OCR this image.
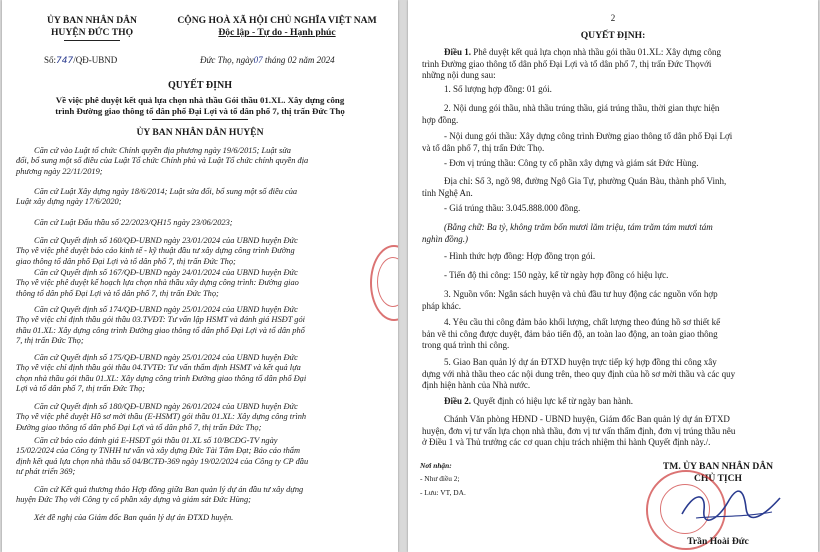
ỦY BAN NHÂN DÂN
HUYỆN ĐỨC THỌ
CỘNG HOÀ XÃ HỘI CHỦ NGHĨA VIỆT NAM
Độc lập - Tự do - Hạnh phúc
Số:747/QĐ-UBND	Đức Thọ, ngày07 tháng 02 năm 2024
QUYẾT ĐỊNH
Về việc phê duyệt kết quả lựa chọn nhà thầu Gói thầu 01.XL. Xây dựng công
trình Đường giao thông tổ dân phố Đại Lợi và tổ dân phố 7, thị trấn Đức Thọ
ỦY BAN NHÂN DÂN HUYỆN
Căn cứ vào Luật tổ chức Chính quyền địa phương ngày 19/6/2015; Luật sửa
đổi, bổ sung một số điều của Luật Tổ chức Chính phủ và Luật Tổ chức chính quyền địa
phương ngày 22/11/2019;
Căn cứ Luật Xây dựng ngày 18/6/2014; Luật sửa đổi, bổ sung một số điều của
Luật xây dựng ngày 17/6/2020;
Căn cứ Luật Đấu thầu số 22/2023/QH15 ngày 23/06/2023;
Căn cứ Quyết định số 160/QĐ-UBND ngày 23/01/2024 của UBND huyện Đức
Thọ về việc phê duyệt báo cáo kinh tế - kỹ thuật đầu tư xây dựng công trình Đường
giao thông tổ dân phố Đại Lợi và tổ dân phố 7, thị trấn Đức Thọ;
Căn cứ Quyết định số 167/QĐ-UBND ngày 24/01/2024 của UBND huyện Đức
Thọ về việc phê duyệt kế hoạch lựa chọn nhà thầu xây dựng công trình: Đường giao
thông tổ dân phố Đại Lợi và tổ dân phố 7, thị trấn Đức Thọ;
Căn cứ Quyết định số 174/QĐ-UBND ngày 25/01/2024 của UBND huyện Đức
Thọ về việc chỉ định thầu gói thầu 03.TVĐT: Tư vấn lập HSMT và đánh giá HSĐT gói
thầu 01.XL: Xây dựng công trình Đường giao thông tổ dân phố Đại Lợi và tổ dân phố
7, thị trấn Đức Thọ;
Căn cứ Quyết định số 175/QĐ-UBND ngày 25/01/2024 của UBND huyện Đức
Thọ về việc chỉ định thầu gói thầu 04.TVTĐ: Tư vấn thẩm định HSMT và kết quả lựa
chọn nhà thầu gói thầu 01.XL: Xây dựng công trình Đường giao thông tổ dân phố Đại
Lợi và tổ dân phố 7, thị trấn Đức Thọ;
Căn cứ Quyết định số 180/QĐ-UBND ngày 26/01/2024 của UBND huyện Đức
Thọ về việc phê duyệt Hồ sơ mời thầu (E-HSMT) gói thầu 01.XL: Xây dựng công trình
Đường giao thông tổ dân phố Đại Lợi và tổ dân phố 7, thị trấn Đức Thọ;
Căn cứ báo cáo đánh giá E-HSĐT gói thầu 01.XL số 10/BCĐG-TV ngày
15/02/2024 của Công ty TNHH tư vấn và xây dựng Đức Tài Tâm Đạt; Báo cáo thẩm
định kết quả lựa chọn nhà thầu số 04/BCTĐ-369 ngày 19/02/2024 của Công ty CP đầu
tư phát triển 369;
Căn cứ Kết quả thương thảo Hợp đồng giữa Ban quản lý dự án đầu tư xây dựng
huyện Đức Thọ với Công ty cổ phần xây dựng và giám sát Đức Hùng;
Xét đề nghị của Giám đốc Ban quản lý dự án ĐTXD huyện.
2
QUYẾT ĐỊNH:
Điều 1. Phê duyệt kết quả lựa chọn nhà thầu gói thầu 01.XL: Xây dựng công
trình Đường giao thông tổ dân phố Đại Lợi và tổ dân phố 7, thị trấn Đức Thọvới
những nội dung sau:
1. Số lượng hợp đồng: 01 gói.
2. Nội dung gói thầu, nhà thầu trúng thầu, giá trúng thầu, thời gian thực hiện
hợp đồng.
- Nội dung gói thầu: Xây dựng công trình Đường giao thông tổ dân phố Đại Lợi
và tổ dân phố 7, thị trấn Đức Thọ.
- Đơn vị trúng thầu: Công ty cổ phần xây dựng và giám sát Đức Hùng.
Địa chỉ: Số 3, ngõ 98, đường Ngô Gia Tự, phường Quán Bàu, thành phố Vinh,
tỉnh Nghệ An.
- Giá trúng thầu: 3.045.888.000 đồng.
(Bằng chữ: Ba tỷ, không trăm bốn mươi lăm triệu, tám trăm tám mươi tám
nghìn đồng.)
- Hình thức hợp đồng: Hợp đồng trọn gói.
- Tiến độ thi công: 150 ngày, kể từ ngày hợp đồng có hiệu lực.
3. Nguồn vốn: Ngân sách huyện và chủ đầu tư huy động các nguồn vốn hợp
pháp khác.
4. Yêu cầu thi công đảm bảo khối lượng, chất lượng theo đúng hồ sơ thiết kế
bản vẽ thi công được duyệt, đảm bảo tiến độ, an toàn lao động, an toàn giao thông
trong quá trình thi công.
5. Giao Ban quản lý dự án ĐTXD huyện trực tiếp ký hợp đồng thi công xây
dựng với nhà thầu theo các nội dung trên, theo quy định của hồ sơ mời thầu và các quy
định hiện hành của Nhà nước.
Điều 2. Quyết định có hiệu lực kể từ ngày ban hành.
Chánh Văn phòng HĐND - UBND huyện, Giám đốc Ban quản lý dự án ĐTXD
huyện, đơn vị tư vấn lựa chọn nhà thầu, đơn vị tư vấn thẩm định, đơn vị trúng thầu nêu
ở Điều 1 và Thủ trưởng các cơ quan chịu trách nhiệm thi hành Quyết định này./.
Nơi nhận:
- Như điều 2;
- Lưu: VT, DA.
TM. ỦY BAN NHÂN DÂN
CHỦ TỊCH
Trần Hoài Đức
